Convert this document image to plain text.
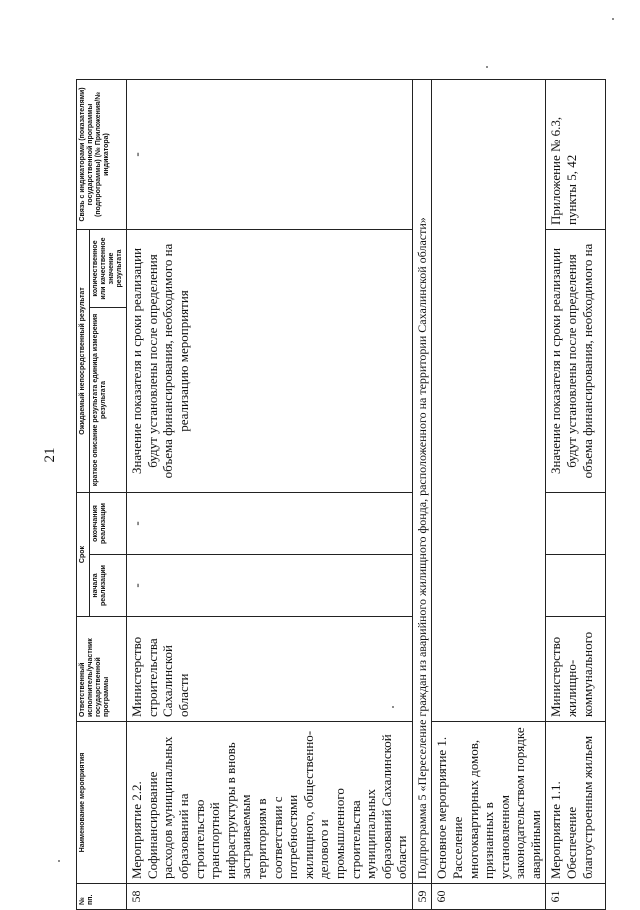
21
№ пп.	Наименование мероприятия	Ответственный исполнитель/участник государственной программы	Срок		Ожидаемый непосредственный результат		Связь с индикаторами (показателями) государственной программы (подпрограммы) (№ Приложения/№ индикатора)
			начала реализации	окончания реализации	краткое описание результата единица измерения результата	количественное или качественное значение результата	
58	Мероприятие 2.2. Софинансирование расходов муниципальных образований на строительство транспортной инфраструктуры в вновь застраиваемым территориям в соответствии с потребностями жилищного, общественно-делового и промышленного строительства муниципальных образований Сахалинской области	Министерство строительства Сахалинской области	-	-	Значение показателя и сроки реализации будут установлены после определения объема финансирования, необходимого на реализацию мероприятия		-
59	Подпрограмма 5 «Переселение граждан из аварийного жилищного фонда, расположенного на территории Сахалинской области»						
60	Основное мероприятие 1. Расселение многоквартирных домов, признанных в установленном законодательством порядке аварийными						
61	Мероприятие 1.1. Обеспечение благоустроенным жильем	Министерство жилищно-коммунального			Значение показателя и сроки реализации будут установлены после определения объема финансирования, необходимого на		Приложение № 6.3, пункты 5, 42
